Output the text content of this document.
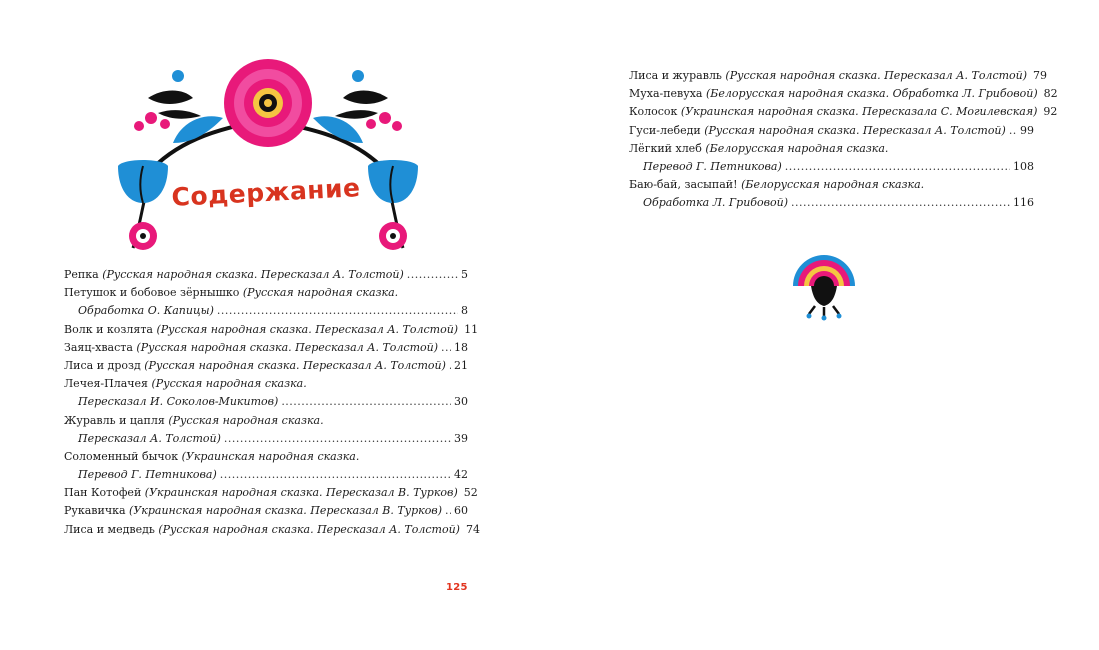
Содержание
Репка
(Русская народная сказка. Пересказал А. Толстой) .....	5
Петушок и бобовое зёрнышко
(Русская народная сказка.
Обработка О. Капицы) .....	8
Волк и козлята
(Русская народная сказка. Пересказал А. Толстой) 11
Заяц-хваста
(Русская народная сказка. Пересказал А. Толстой) ..... 18
Лиса и дрозд
(Русская народная сказка. Пересказал А. Толстой) ..... 21
Лечея-Плачея
(Русская народная сказка.
Пересказал И. Соколов-Микитов) .....	30
Журавль и цапля
(Русская народная сказка.
Пересказал А. Толстой) .....	39
Соломенный бычок
(Украинская народная сказка.
Перевод Г. Петникова) .....	42
Пан Котофей
(Украинская народная сказка. Пересказал В. Турков) 52
Рукавичка
(Украинская народная сказка. Пересказал В. Турков) ..... 60
Лиса и медведь
(Русская народная сказка. Пересказал А. Толстой) 74
125
Лиса и журавль
(Русская народная сказка. Пересказал А. Толстой) 79
Муха-певуха
(Белорусская народная сказка. Обработка Л. Грибовой) 82
Колосок
(Украинская народная сказка. Пересказала С. Могилевская) 92
Гуси-лебеди
(Русская народная сказка. Пересказал А. Толстой) ..... 99
Лёгкий хлеб
(Белорусская народная сказка.
Перевод Г. Петникова) .....	108
Баю-бай, засыпай!
(Белорусская народная сказка.
Обработка Л. Грибовой) .....	116
